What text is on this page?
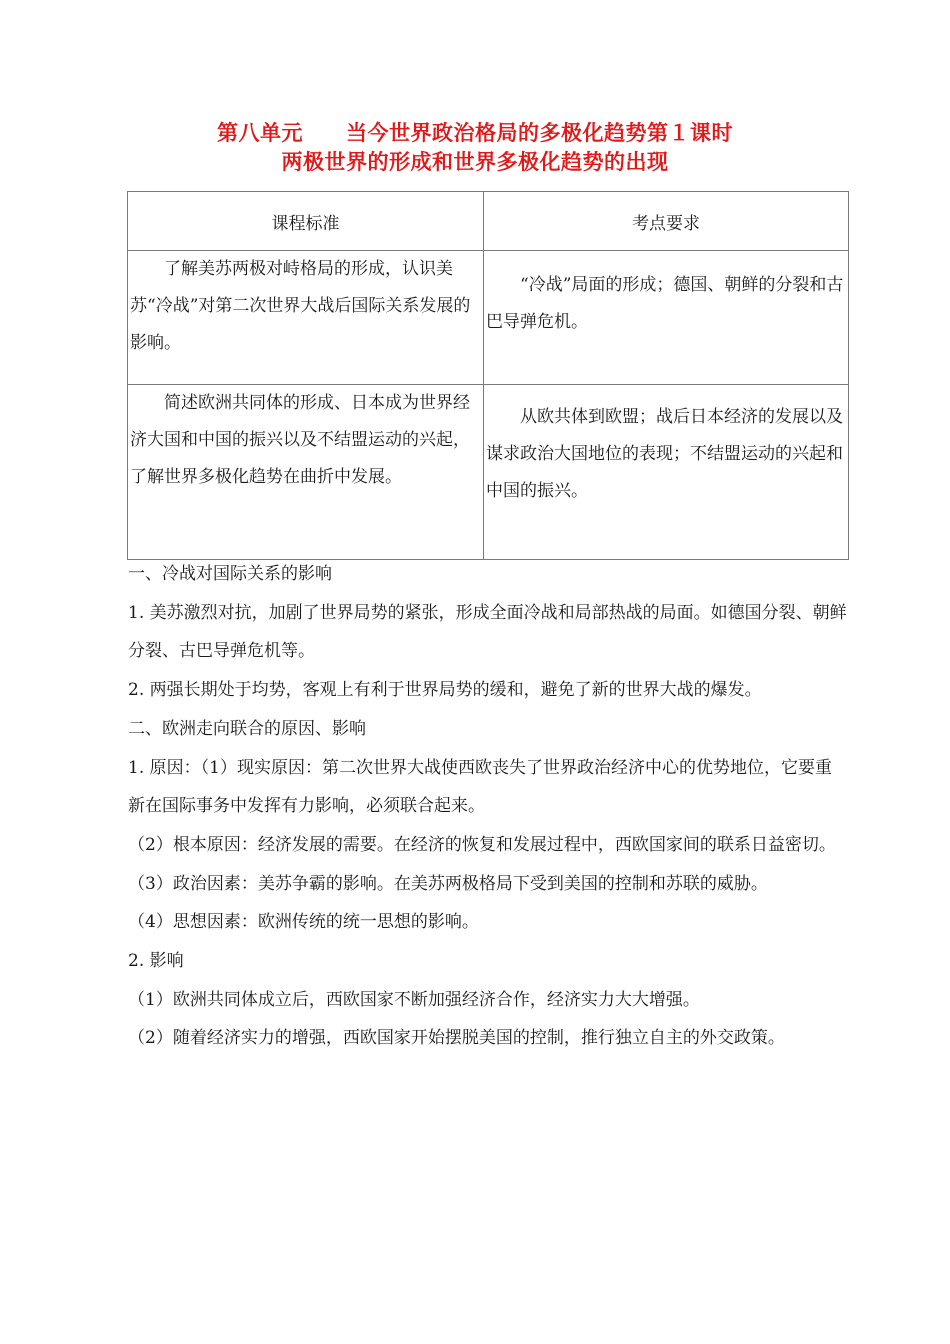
第八单元　　当今世界政治格局的多极化趋势第１课时
两极世界的形成和世界多极化趋势的出现
课程标准	考点要求

了解美苏两极对峙格局的形成，认识美苏“冷战”对第二次世界大战后国际关系发展的影响。	“冷战”局面的形成；德国、朝鲜的分裂和古巴导弹危机。

简述欧洲共同体的形成、日本成为世界经济大国和中国的振兴以及不结盟运动的兴起，了解世界多极化趋势在曲折中发展。	从欧共体到欧盟；战后日本经济的发展以及谋求政治大国地位的表现；不结盟运动的兴起和中国的振兴。

一、冷战对国际关系的影响

1. 美苏激烈对抗，加剧了世界局势的紧张，形成全面冷战和局部热战的局面。如德国分裂、朝鲜分裂、古巴导弹危机等。

2. 两强长期处于均势，客观上有利于世界局势的缓和，避免了新的世界大战的爆发。

二、欧洲走向联合的原因、影响

1. 原因：（1）现实原因：第二次世界大战使西欧丧失了世界政治经济中心的优势地位，它要重新在国际事务中发挥有力影响，必须联合起来。

（2）根本原因：经济发展的需要。在经济的恢复和发展过程中，西欧国家间的联系日益密切。

（3）政治因素：美苏争霸的影响。在美苏两极格局下受到美国的控制和苏联的威胁。

（4）思想因素：欧洲传统的统一思想的影响。

2. 影响

（1）欧洲共同体成立后，西欧国家不断加强经济合作，经济实力大大增强。

（2）随着经济实力的增强，西欧国家开始摆脱美国的控制，推行独立自主的外交政策。
